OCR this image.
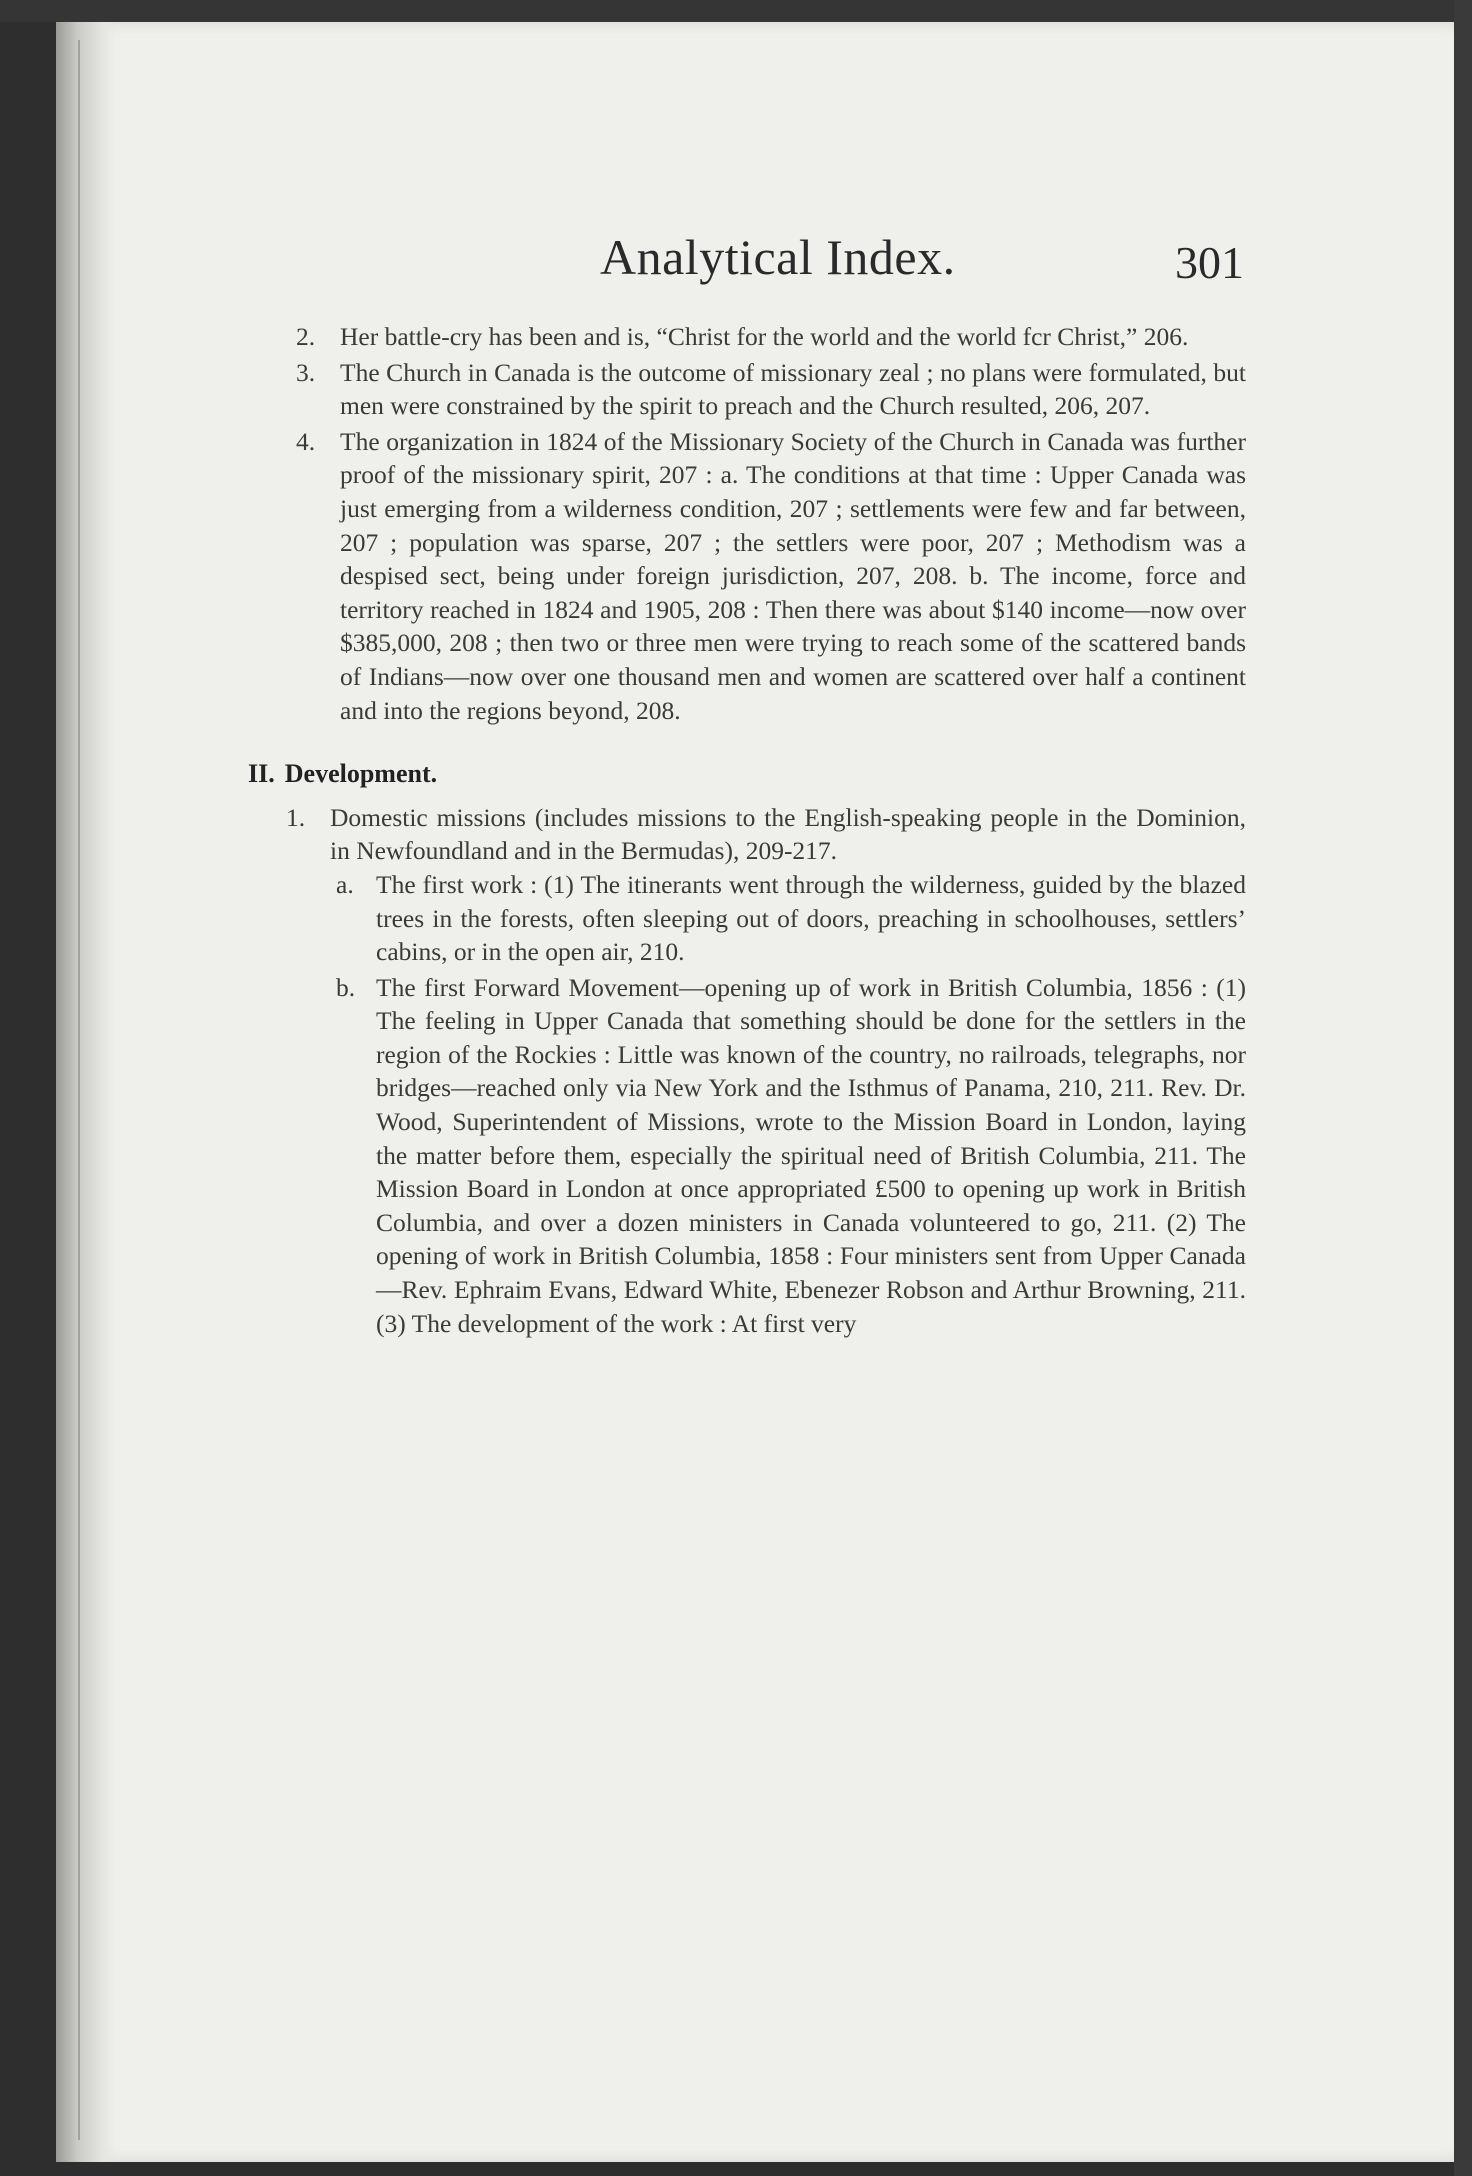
Analytical Index.	301
2. Her battle-cry has been and is, “Christ for the world and the world fcr Christ,” 206.
3. The Church in Canada is the outcome of missionary zeal ; no plans were formulated, but men were constrained by the spirit to preach and the Church resulted, 206, 207.
4. The organization in 1824 of the Missionary Society of the Church in Canada was further proof of the missionary spirit, 207 : a. The conditions at that time : Upper Canada was just emerging from a wilderness condition, 207 ; settlements were few and far between, 207 ; population was sparse, 207 ; the settlers were poor, 207 ; Methodism was a despised sect, being under foreign jurisdiction, 207, 208. b. The income, force and territory reached in 1824 and 1905, 208 : Then there was about $140 income—now over $385,000, 208 ; then two or three men were trying to reach some of the scattered bands of Indians—now over one thousand men and women are scattered over half a continent and into the regions beyond, 208.
II. Development.
1. Domestic missions (includes missions to the English-speaking people in the Dominion, in Newfoundland and in the Bermudas), 209-217.
a. The first work : (1) The itinerants went through the wilderness, guided by the blazed trees in the forests, often sleeping out of doors, preaching in schoolhouses, settlers’ cabins, or in the open air, 210.
b. The first Forward Movement—opening up of work in British Columbia, 1856 : (1) The feeling in Upper Canada that something should be done for the settlers in the region of the Rockies : Little was known of the country, no railroads, telegraphs, nor bridges—reached only via New York and the Isthmus of Panama, 210, 211. Rev. Dr. Wood, Superintendent of Missions, wrote to the Mission Board in London, laying the matter before them, especially the spiritual need of British Columbia, 211. The Mission Board in London at once appropriated £500 to opening up work in British Columbia, and over a dozen ministers in Canada volunteered to go, 211. (2) The opening of work in British Columbia, 1858 : Four ministers sent from Upper Canada—Rev. Ephraim Evans, Edward White, Ebenezer Robson and Arthur Browning, 211. (3) The development of the work : At first very
